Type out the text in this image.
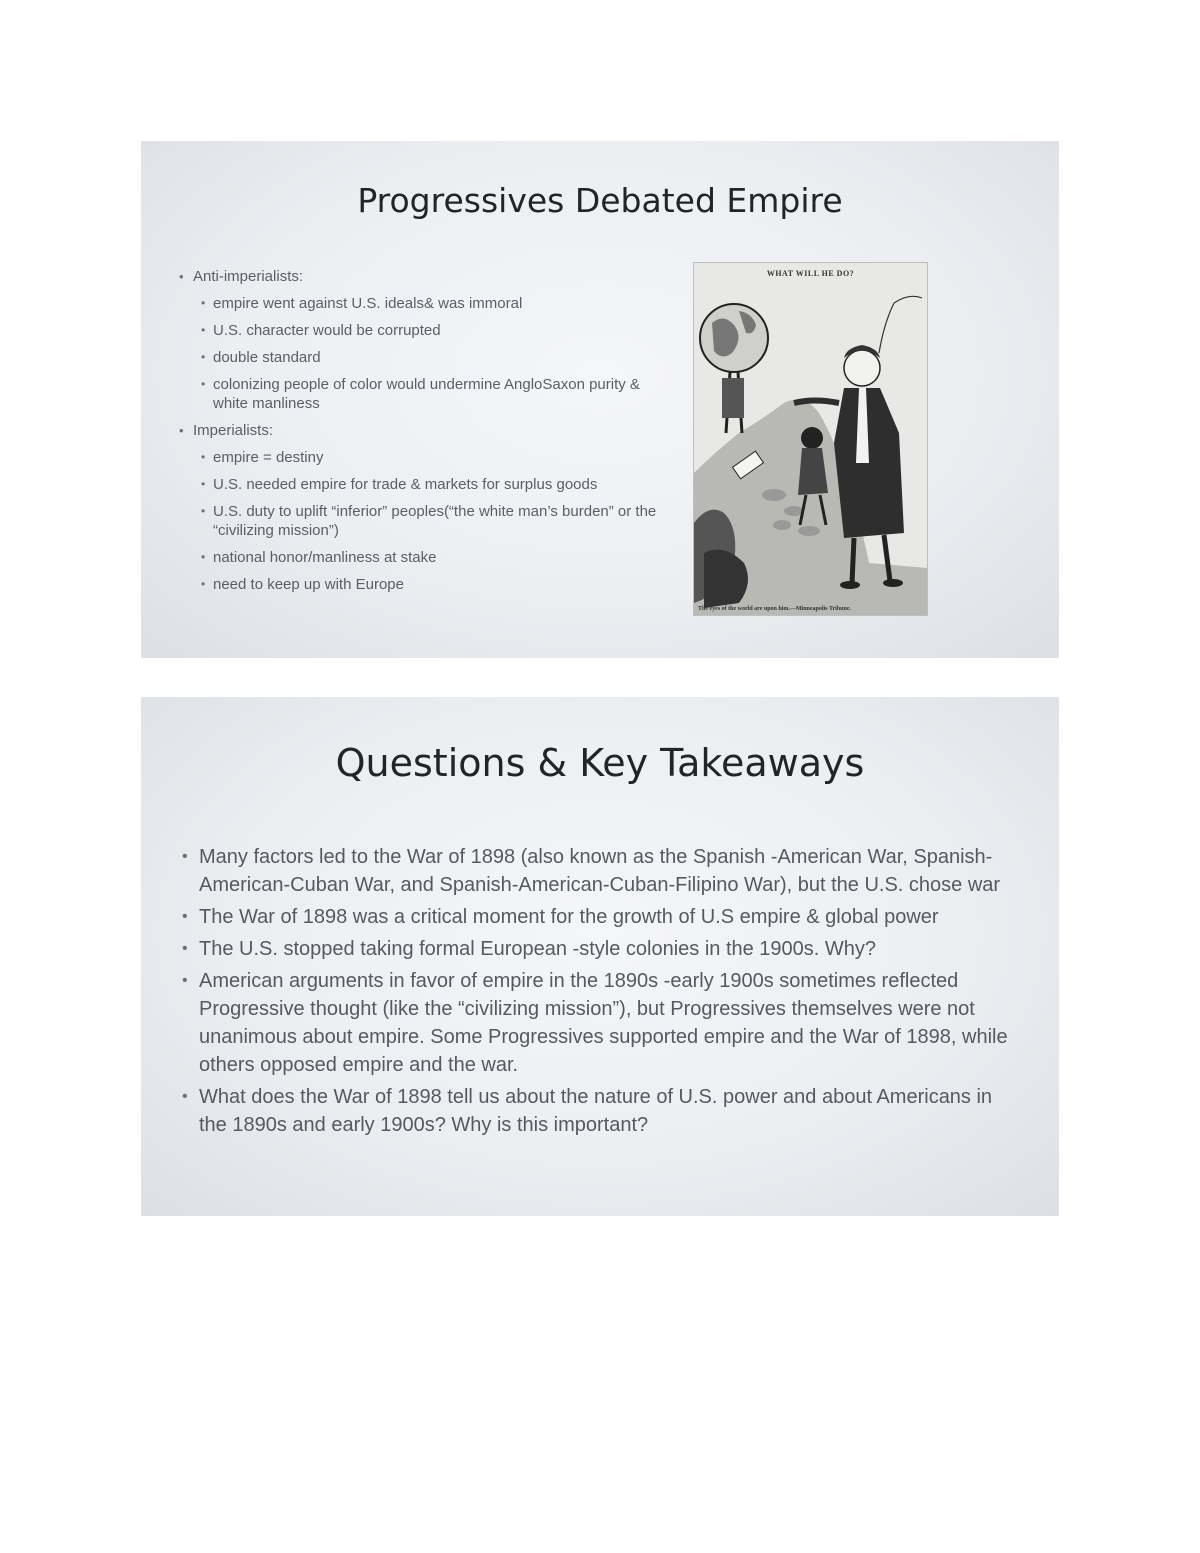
Progressives Debated Empire
• Anti-imperialists:
• empire went against U.S. ideals& was immoral
• U.S. character would be corrupted
• double standard
• colonizing people of color would undermine AngloSaxon purity & white manliness
• Imperialists:
• empire = destiny
• U.S. needed empire for trade & markets for surplus goods
• U.S. duty to uplift “inferior” peoples(“the white man’s burden” or the “civilizing mission”)
• national honor/manliness at stake
• need to keep up with Europe
WHAT WILL HE DO?
The eyes of the world are upon him.—Minneapolis Tribune.
Questions & Key Takeaways
• Many factors led to the War of 1898 (also known as the Spanish -American War, Spanish-American-Cuban War, and Spanish-American-Cuban-Filipino War), but the U.S. chose war
• The War of 1898 was a critical moment for the growth of U.S empire & global power
• The U.S. stopped taking formal European -style colonies in the 1900s. Why?
• American arguments in favor of empire in the 1890s -early 1900s sometimes reflected Progressive thought (like the “civilizing mission”), but Progressives themselves were not unanimous about empire. Some Progressives supported empire and the War of 1898, while others opposed empire and the war.
• What does the War of 1898 tell us about the nature of U.S. power and about Americans in the 1890s and early 1900s? Why is this important?
